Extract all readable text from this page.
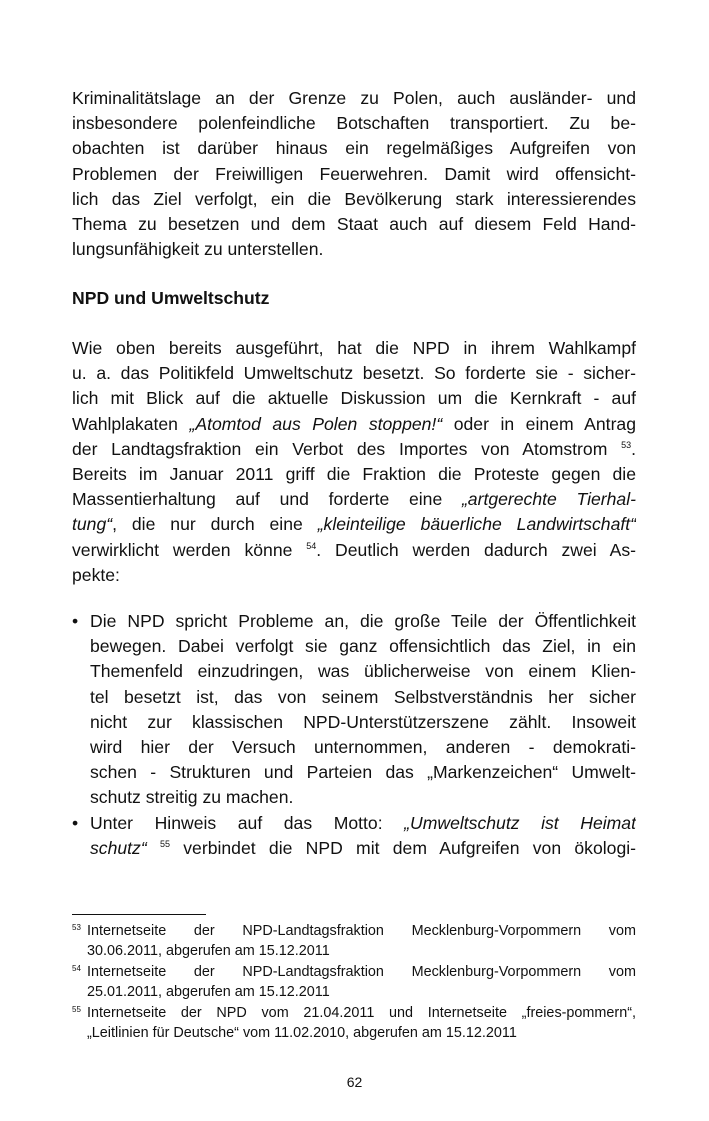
Kriminalitätslage an der Grenze zu Polen, auch ausländer- und
insbesondere polenfeindliche Botschaften transportiert. Zu be-
obachten ist darüber hinaus ein regelmäßiges Aufgreifen von
Problemen der Freiwilligen Feuerwehren. Damit wird offensicht-
lich das Ziel verfolgt, ein die Bevölkerung stark interessierendes
Thema zu besetzen und dem Staat auch auf diesem Feld Hand-
lungsunfähigkeit zu unterstellen.
NPD und Umweltschutz
Wie oben bereits ausgeführt, hat die NPD in ihrem Wahlkampf
u. a. das Politikfeld Umweltschutz besetzt. So forderte sie - sicher-
lich mit Blick auf die aktuelle Diskussion um die Kernkraft - auf
Wahlplakaten „Atomtod aus Polen stoppen!“ oder in einem Antrag
der Landtagsfraktion ein Verbot des Importes von Atomstrom $^{53}$.
Bereits im Januar 2011 griff die Fraktion die Proteste gegen die
Massentierhaltung auf und forderte eine „artgerechte Tierhal-
tung“, die nur durch eine „kleinteilige bäuerliche Landwirtschaft“
verwirklicht werden könne $^{54}$. Deutlich werden dadurch zwei As-
pekte:
• Die NPD spricht Probleme an, die große Teile der Öffentlichkeit
bewegen. Dabei verfolgt sie ganz offensichtlich das Ziel, in ein
Themenfeld einzudringen, was üblicherweise von einem Klien-
tel besetzt ist, das von seinem Selbstverständnis her sicher
nicht zur klassischen NPD-Unterstützerszene zählt. Insoweit
wird hier der Versuch unternommen, anderen - demokrati-
schen - Strukturen und Parteien das „Markenzeichen“ Umwelt-
schutz streitig zu machen.
• Unter Hinweis auf das Motto: „Umweltschutz ist Heimat
schutz“ $^{55}$ verbindet die NPD mit dem Aufgreifen von ökologi-
53 Internetseite der NPD-Landtagsfraktion Mecklenburg-Vorpommern vom
30.06.2011, abgerufen am 15.12.2011
54 Internetseite der NPD-Landtagsfraktion Mecklenburg-Vorpommern vom
25.01.2011, abgerufen am 15.12.2011
55 Internetseite der NPD vom 21.04.2011 und Internetseite „freies-pommern“,
„Leitlinien für Deutsche“ vom 11.02.2010, abgerufen am 15.12.2011
62
